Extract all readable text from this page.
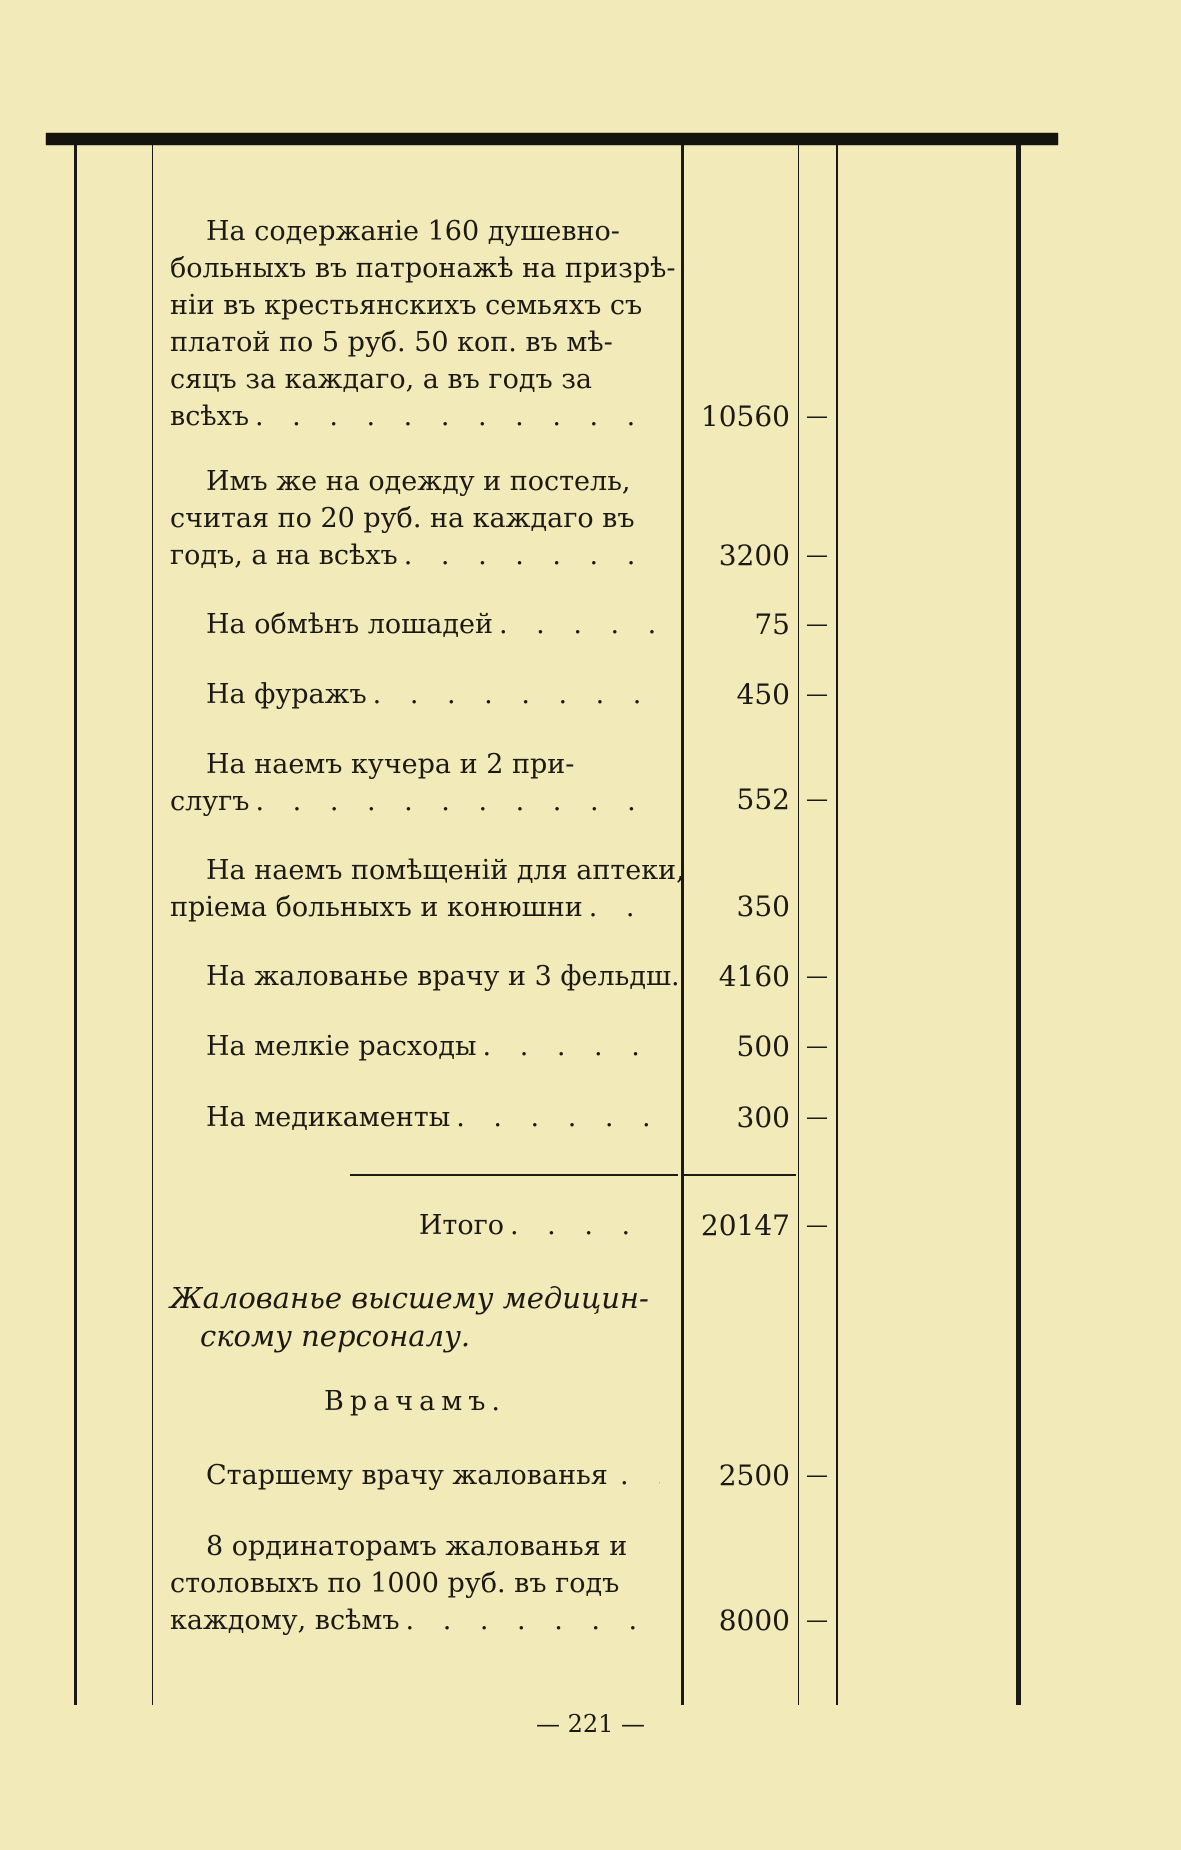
На содержаніе 160 душевно-
больныхъ въ патронажѣ на призрѣ-
ніи въ крестьянскихъ семьяхъ съ
платой по 5 руб. 50 коп. въ мѣ-
сяцъ за каждаго, а въ годъ за
всѣхъ . . .	10560 —
Имъ же на одежду и постель,
считая по 20 руб. на каждаго въ
годъ, а на всѣхъ . . .	3200 —
На обмѣнъ лошадей . . .	75 —
На фуражъ . . .	450 —
На наемъ кучера и 2 при-
слугъ . . .	552 —
На наемъ помѣщеній для аптеки,
пріема больныхъ и конюшни . . .	350
На жалованье врачу и 3 фельдш.	4160 —
На мелкіе расходы . . .	500 —
На медикаменты . . .	300 —
Итого . . .	20147 —
Жалованье высшему медицин-
скому персоналу.
Врачамъ.
Старшему врачу жалованья . . .	2500 —
8 ординаторамъ жалованья и
столовыхъ по 1000 руб. въ годъ
каждому, всѣмъ . . .	8000 —
— 221 —
